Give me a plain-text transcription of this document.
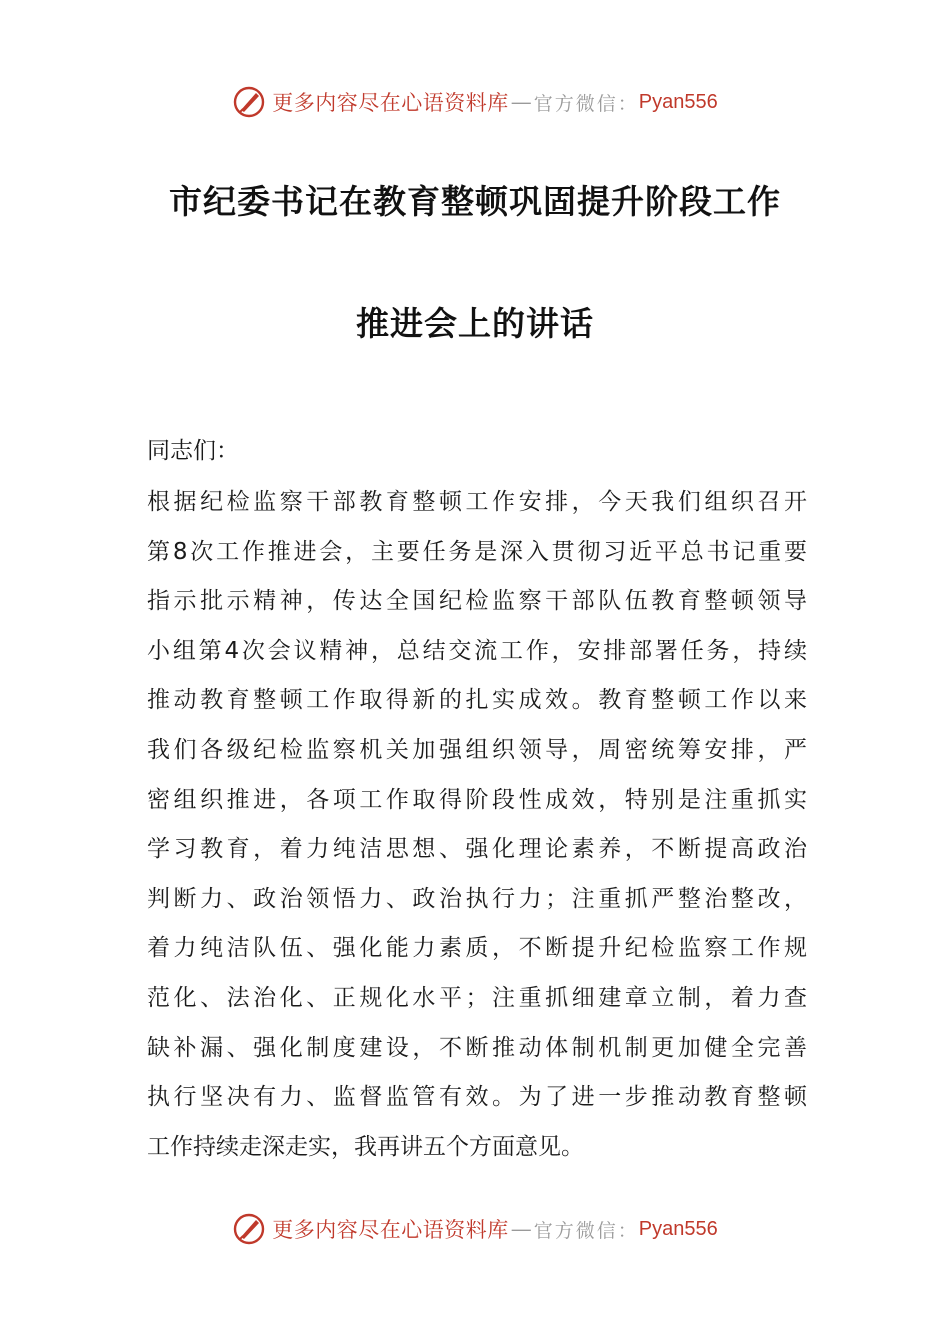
更多内容尽在心语资料库 — 官方微信： Pyan556
市纪委书记在教育整顿巩固提升阶段工作
推进会上的讲话
同志们：
根据纪检监察干部教育整顿工作安排，今天我们组织召开
第8次工作推进会，主要任务是深入贯彻习近平总书记重要
指示批示精神，传达全国纪检监察干部队伍教育整顿领导
小组第4次会议精神，总结交流工作，安排部署任务，持续
推动教育整顿工作取得新的扎实成效。教育整顿工作以来
我们各级纪检监察机关加强组织领导，周密统筹安排，严
密组织推进，各项工作取得阶段性成效，特别是注重抓实
学习教育，着力纯洁思想、强化理论素养，不断提高政治
判断力、政治领悟力、政治执行力；注重抓严整治整改，
着力纯洁队伍、强化能力素质，不断提升纪检监察工作规
范化、法治化、正规化水平；注重抓细建章立制，着力查
缺补漏、强化制度建设，不断推动体制机制更加健全完善
执行坚决有力、监督监管有效。为了进一步推动教育整顿
工作持续走深走实，我再讲五个方面意见。
更多内容尽在心语资料库 — 官方微信： Pyan556
